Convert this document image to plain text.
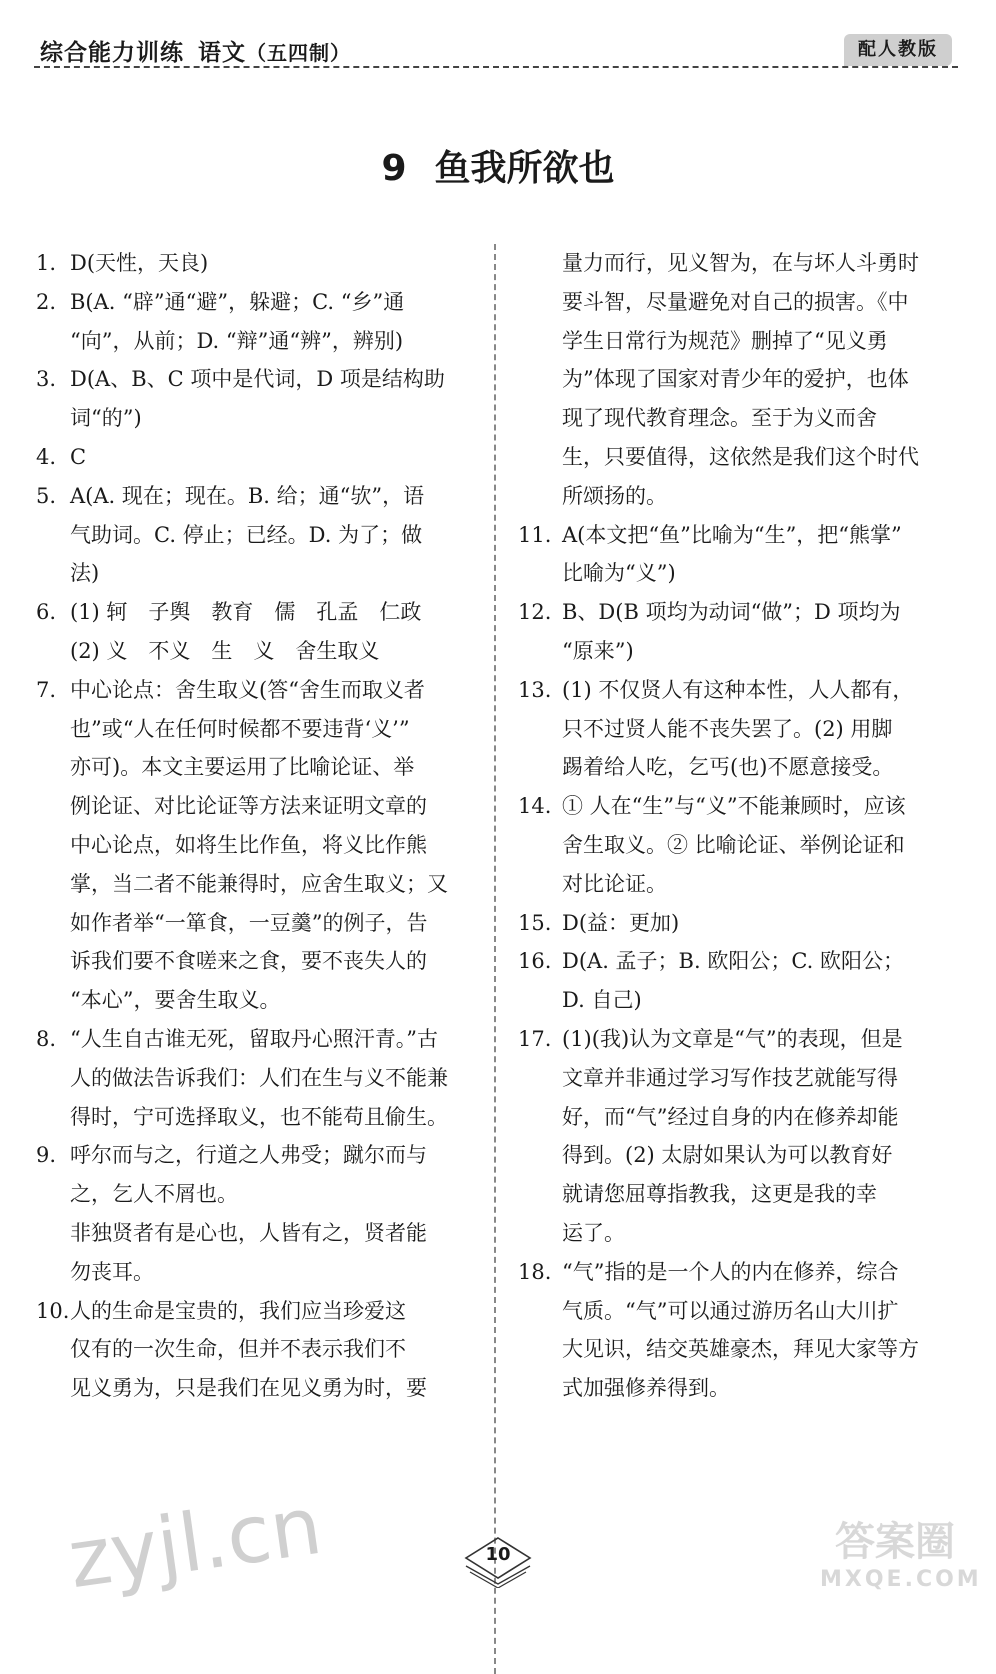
综合能力训练 语文（五四制）	配人教版
9 鱼我所欲也
1. D(天性，天良)
2. B(A. “辟”通“避”，躲避；C. “乡”通
“向”，从前；D. “辩”通“辨”，辨别)
3. D(A、B、C 项中是代词，D 项是结构助
词“的”)
4. C
5. A(A. 现在；现在。B. 给；通“欤”，语
气助词。C. 停止；已经。D. 为了；做
法)
6. (1) 轲　子舆　教育　儒　孔孟　仁政
(2) 义　不义　生　义　舍生取义
7. 中心论点：舍生取义(答“舍生而取义者
也”或“人在任何时候都不要违背‘义’”
亦可)。本文主要运用了比喻论证、举
例论证、对比论证等方法来证明文章的
中心论点，如将生比作鱼，将义比作熊
掌，当二者不能兼得时，应舍生取义；又
如作者举“一箪食，一豆羹”的例子，告
诉我们要不食嗟来之食，要不丧失人的
“本心”，要舍生取义。
8. “人生自古谁无死，留取丹心照汗青。”古
人的做法告诉我们：人们在生与义不能兼
得时，宁可选择取义，也不能苟且偷生。
9. 呼尔而与之，行道之人弗受；蹴尔而与
之，乞人不屑也。
非独贤者有是心也，人皆有之，贤者能
勿丧耳。
10. 人的生命是宝贵的，我们应当珍爱这
仅有的一次生命，但并不表示我们不
见义勇为，只是我们在见义勇为时，要
量力而行，见义智为，在与坏人斗勇时
要斗智，尽量避免对自己的损害。《中
学生日常行为规范》删掉了“见义勇
为”体现了国家对青少年的爱护，也体
现了现代教育理念。至于为义而舍
生，只要值得，这依然是我们这个时代
所颂扬的。
11. A(本文把“鱼”比喻为“生”，把“熊掌”
比喻为“义”)
12. B、D(B 项均为动词“做”；D 项均为
“原来”)
13. (1) 不仅贤人有这种本性，人人都有，
只不过贤人能不丧失罢了。(2) 用脚
踢着给人吃，乞丐(也)不愿意接受。
14. ① 人在“生”与“义”不能兼顾时，应该
舍生取义。② 比喻论证、举例论证和
对比论证。
15. D(益：更加)
16. D(A. 孟子；B. 欧阳公；C. 欧阳公；
D. 自己)
17. (1)(我)认为文章是“气”的表现，但是
文章并非通过学习写作技艺就能写得
好，而“气”经过自身的内在修养却能
得到。(2) 太尉如果认为可以教育好
就请您屈尊指教我，这更是我的幸
运了。
18. “气”指的是一个人的内在修养，综合
气质。“气”可以通过游历名山大川扩
大见识，结交英雄豪杰，拜见大家等方
式加强修养得到。
zyjl.cn	答案圈
MXQE.COM
10
